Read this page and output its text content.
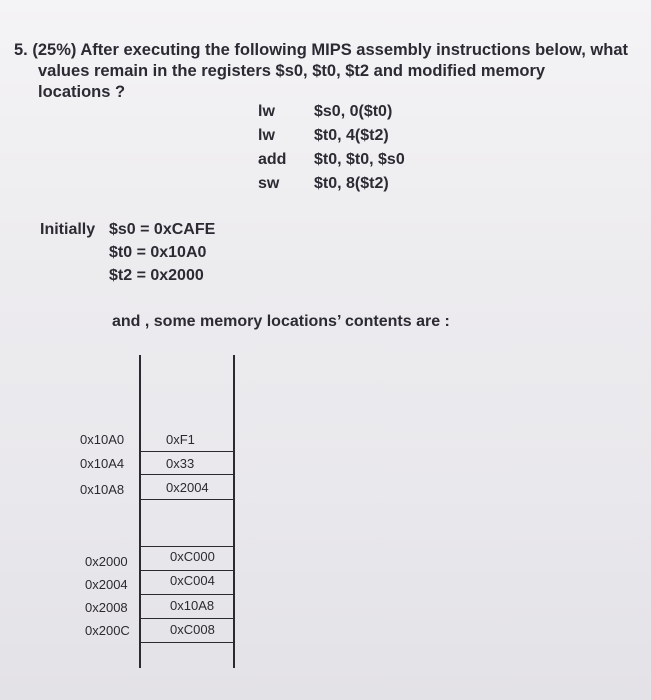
5. (25%) After executing the following MIPS assembly instructions below, what
values remain in the registers $s0, $t0, $t2 and modified memory
locations ?
lw	$s0, 0($t0)
lw	$t0, 4($t2)
add	$t0, $t0, $s0
sw	$t0, 8($t2)
Initially $s0 = 0xCAFE
$t0 = 0x10A0
$t2 = 0x2000
and , some memory locations’ contents are :
0x10A0	0xF1
0x10A4	0x33
0x10A8	0x2004
0x2000	0xC000
0x2004	0xC004
0x2008	0x10A8
0x200C	0xC008
